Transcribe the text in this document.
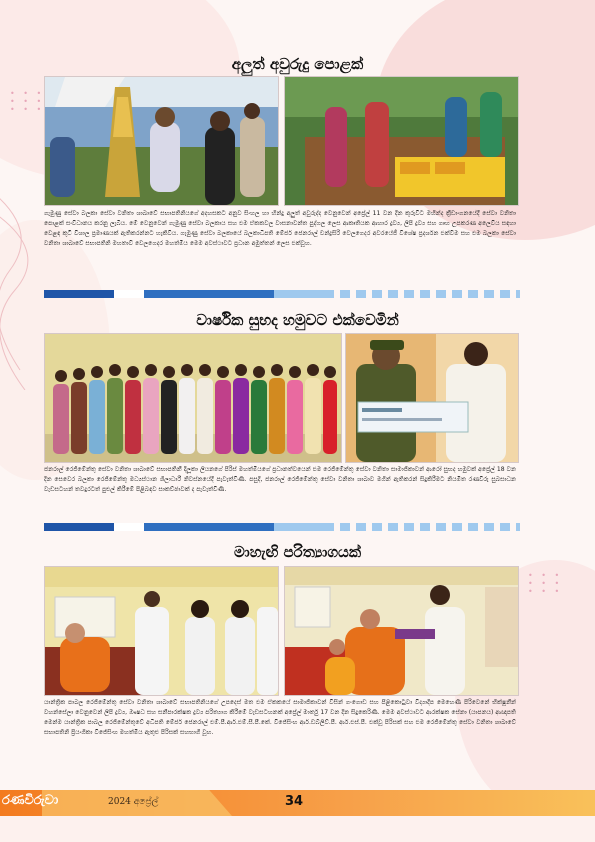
• • •
• • •
• • •
• • •
• • •
• • •
අලුත් අවුරුදු පොළක්
ගැමුණු සේවා බලකා සේවා වනිතා ශාඛාවේ සභාපතිනියගේ අදහසකට අනුව සිංහල හා හින්දු අලුත් අවුරුද්ද වෙනුවෙන් අප්‍රේල් 11 වන දින කුරුවිට මහින්ද ක්‍රීඩාංගනයේදී සේවා වනිතා පොළක් සංවිධානය කරනු ලැබිය. මේ වෙනුවෙන් ගැමුණු සේවා බලකාය සහ එම ඒකකවල වාසනාවන්ත පුද්ගල ලෙස ආකෘතියක ආහාර ද්‍රව්‍ය, ලිපි ද්‍රව්‍ය සහ ගෘහ උපකරණ අලෙවිය සඳහා වෙළඳ කුටි විශාල ප්‍රමාණයක් ඇතිකරන්නට හැකිවිය. ගැමුණු සේවා බලකායේ බලකාධිපති මේජර් ජෙනරාල් චන්ද්‍රසිරි වෙලගෙදර අවරයේජී විශේෂ ප්‍රදර්ශන එක්වීම සහ එම බලකා සේවා වනිතා ශාඛාවේ සභාපතිනි මහතාවී වෙලගෙදර මහත්මිය මෙම අවස්ථාවට ප්‍රධාන අමුත්තන් ලෙස එක්වූහ.
වාර්ෂික සුභද හමුවට එක්වෙමින්
ජනරාල් රෙජිමේන්තු සේවා වනිතා ශාඛාවේ සභාපතිනී දිලූකා ලියනගේ පිරිස් මහත්මියගේ ප්‍රධානත්වයෙන් එම රෙජිමේන්තු සේවා වනිතා සාමාජිකාවන් ආරෝ සුභද හමුවක් අප්‍රේල් 18 වන දින සෙවෙර බලකා රෙජිමේන්තු මධ්‍යස්ථාන ශිලාධාරී නිවස්නයේදී පැවැත්විණි. පසුදි, ජනරාල් රෙජිමේන්තු සේවා වනිතා ශාඛාව මගින් ඇතිකරන් සිදුකිරීමට නියමිත රණවිරු සුබසාධන වැඩසටහන් තවදුරටත් පුළුල් කිරීමේ පිළිබඳව සාකච්ඡාවක් ද පැවැත්විණි.
මාහැඟි පරිත්‍යාගයක්
යාන්ත්‍රික පාබල රෙජිමේන්තු සේවා වනිතා ශාඛාවේ සභාපතිනියගේ උපදෙස් මත එම ඒකකයේ සාමාජිකාවන් විසින් ගංගොඩ සහ පිළිකොටුවා විද්‍යාදීප මෙහෙණී පිරිවෙනේ භික්ෂූනීන් වහන්සේලා වෙනුවෙන් ලිපි ද්‍රව්‍ය, ඖෂධ සහ සනීපාරක්ෂක ද්‍රව්‍ය පරිත්‍යාග කිරීමේ වැඩසටහනක් අප්‍රේල් මාර්තු 17 වන දින සිදුකෙරිණි. මෙම අවස්ථාවට ආරක්ෂක සේනා (යාපනය) ආඥාපති මෙන්ම යාන්ත්‍රික පාබල රෙජිමේන්තුවේ අධිපති මේජර් ජෙනරාල් එම්.පී.ආර්.එම්.සී.පී.කේ. විජේසිංහ ආර්.ඩබ්ලිව්.පී. ආර්.එස්.පී. එක්වූ පිරිසක් සහ එම රෙජිමේන්තු සේවා වනිතා ශාඛාවේ සභාපතිනි ප්‍රියංගිකා විජේසිංහ මහත්මිය ඇතුළු පිරිසක් සහභාගී වූහ.
රණවිරුවා	2024 අප්‍රේල්	34
